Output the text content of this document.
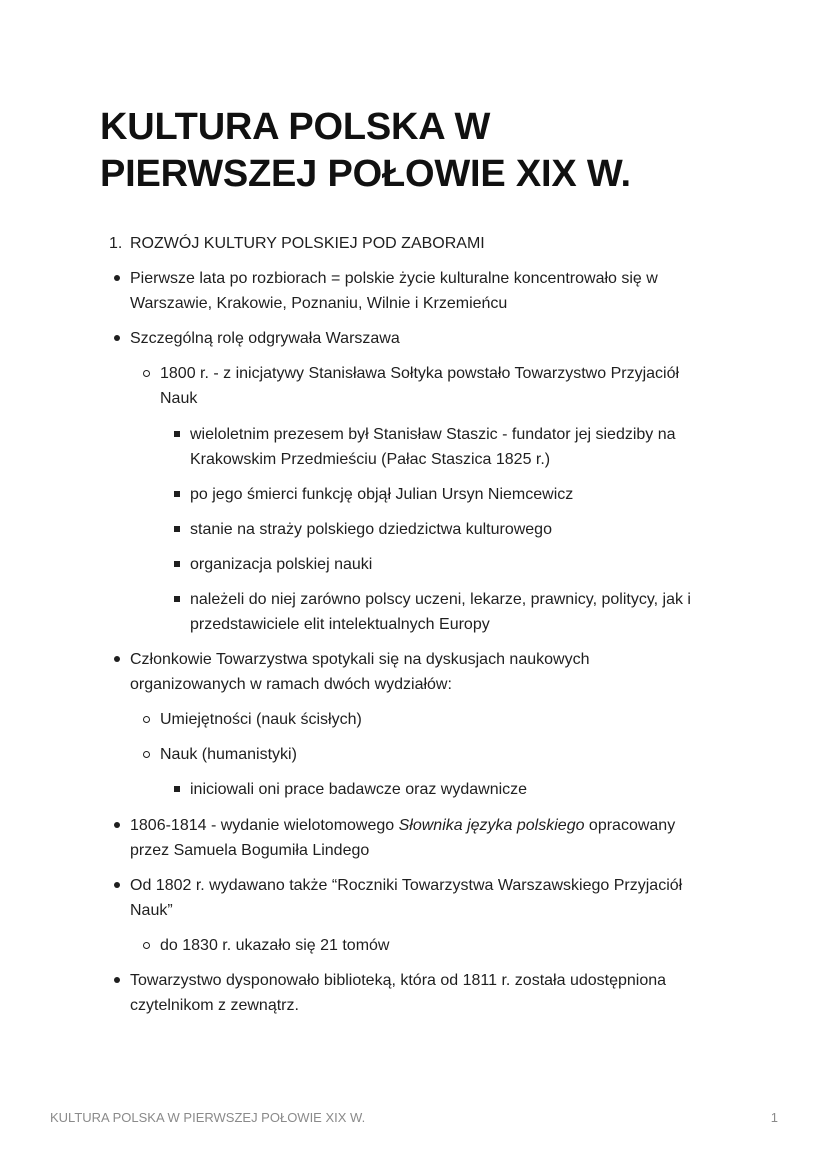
KULTURA POLSKA W
PIERWSZEJ POŁOWIE XIX W.
1. ROZWÓJ KULTURY POLSKIEJ POD ZABORAMI
Pierwsze lata po rozbiorach = polskie życie kulturalne koncentrowało się w
Warszawie, Krakowie, Poznaniu, Wilnie i Krzemieńcu
Szczególną rolę odgrywała Warszawa
1800 r. - z inicjatywy Stanisława Sołtyka powstało Towarzystwo Przyjaciół
Nauk
wieloletnim prezesem był Stanisław Staszic - fundator jej siedziby na
Krakowskim Przedmieściu (Pałac Staszica 1825 r.)
po jego śmierci funkcję objął Julian Ursyn Niemcewicz
stanie na straży polskiego dziedzictwa kulturowego
organizacja polskiej nauki
należeli do niej zarówno polscy uczeni, lekarze, prawnicy, politycy, jak i
przedstawiciele elit intelektualnych Europy
Członkowie Towarzystwa spotykali się na dyskusjach naukowych
organizowanych w ramach dwóch wydziałów:
Umiejętności (nauk ścisłych)
Nauk (humanistyki)
iniciowali oni prace badawcze oraz wydawnicze
1806-1814 - wydanie wielotomowego Słownika języka polskiego opracowany
przez Samuela Bogumiła Lindego
Od 1802 r. wydawano także “Roczniki Towarzystwa Warszawskiego Przyjaciół
Nauk”
do 1830 r. ukazało się 21 tomów
Towarzystwo dysponowało biblioteką, która od 1811 r. została udostępniona
czytelnikom z zewnątrz.
KULTURA POLSKA W PIERWSZEJ POŁOWIE XIX W.	1
